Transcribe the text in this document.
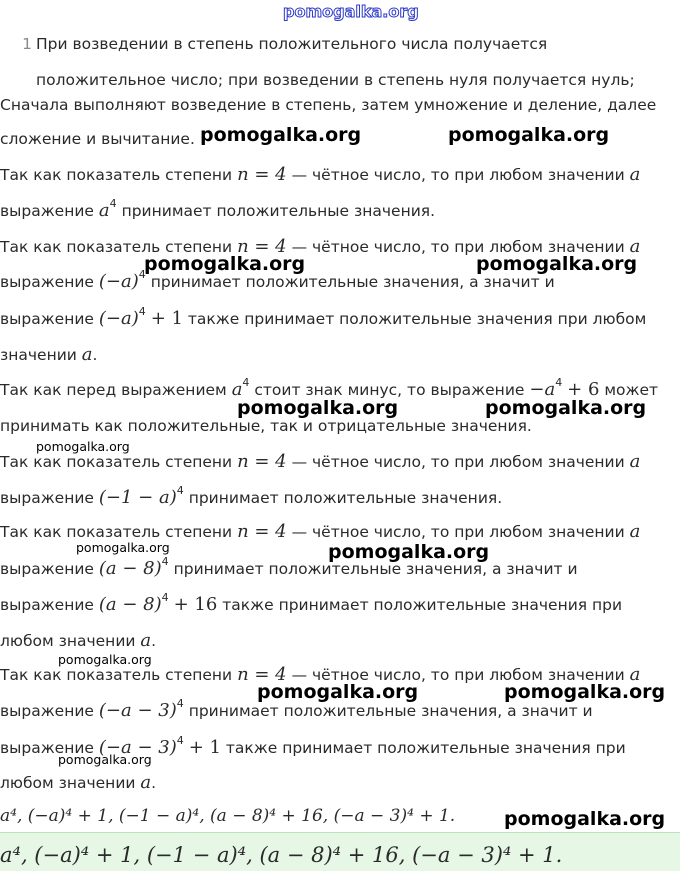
pomogalka.org
1 При возведении в степень положительного числа получается
положительное число; при возведении в степень нуля получается нуль;
Сначала выполняют возведение в степень, затем умножение и деление, далее
сложение и вычитание.
Так как показатель степени n = 4 — чётное число, то при любом значении a
выражение $a^4$ принимает положительные значения.
Так как показатель степени n = 4 — чётное число, то при любом значении a
выражение $(-a)^4$ принимает положительные значения, а значит и
выражение $(-a)^4 + 1$ также принимает положительные значения при любом
значении a.
Так как перед выражением $a^4$ стоит знак минус, то выражение $-a^4 + 6$ может
принимать как положительные, так и отрицательные значения.
Так как показатель степени n = 4 — чётное число, то при любом значении a
выражение $(-1 - a)^4$ принимает положительные значения.
Так как показатель степени n = 4 — чётное число, то при любом значении a
выражение $(a - 8)^4$ принимает положительные значения, а значит и
выражение $(a - 8)^4 + 16$ также принимает положительные значения при
любом значении a.
Так как показатель степени n = 4 — чётное число, то при любом значении a
выражение $(-a - 3)^4$ принимает положительные значения, а значит и
выражение $(-a - 3)^4 + 1$ также принимает положительные значения при
любом значении a.
a⁴, (−a)⁴ + 1, (−1 − a)⁴, (a − 8)⁴ + 16, (−a − 3)⁴ + 1.
a⁴, (−a)⁴ + 1, (−1 − a)⁴, (a − 8)⁴ + 16, (−a − 3)⁴ + 1.
pomogalka.org	pomogalka.org
pomogalka.org	pomogalka.org
pomogalka.org	pomogalka.org
pomogalka.org
pomogalka.org
pomogalka.org
pomogalka.org
pomogalka.org	pomogalka.org
pomogalka.org
pomogalka.org
